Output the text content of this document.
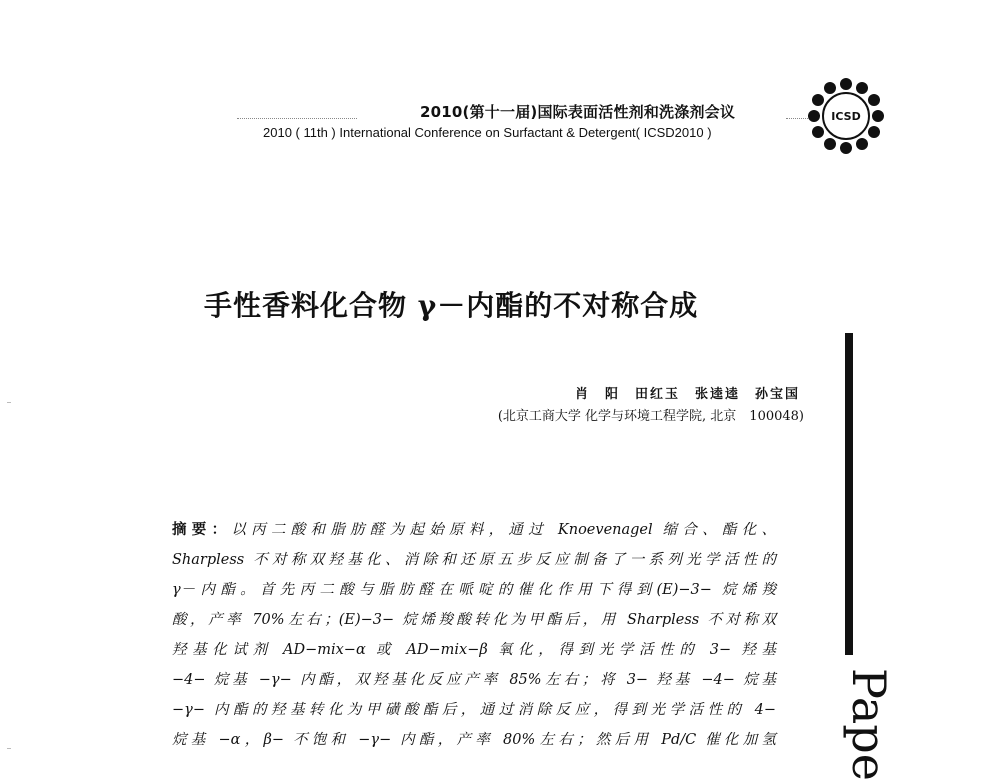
2010(第十一届)国际表面活性剂和洗涤剂会议
2010 ( 11th ) International Conference on Surfactant & Detergent( ICSD2010 )
ICSD
手性香料化合物 γ－内酯的不对称合成
肖　阳　田红玉　张逵逵　孙宝国
(北京工商大学 化学与环境工程学院, 北京　100048)
摘要：以丙二酸和脂肪醛为起始原料，通过 Knoevenagel 缩合、酯化、
Sharpless 不对称双羟基化、消除和还原五步反应制备了一系列光学活性的
γ－内酯。首先丙二酸与脂肪醛在哌啶的催化作用下得到(E)−3− 烷烯羧
酸，产率 70%左右；(E)−3− 烷烯羧酸转化为甲酯后，用 Sharpless 不对称双
羟基化试剂 AD−mix−α 或 AD−mix−β 氧化，得到光学活性的 3− 羟基
−4− 烷基 −γ− 内酯，双羟基化反应产率 85%左右；将 3− 羟基 −4− 烷基
−γ− 内酯的羟基转化为甲磺酸酯后，通过消除反应，得到光学活性的 4−
烷基 −α，β− 不饱和 −γ− 内酯，产率 80%左右；然后用 Pd/C 催化加氢 Pape
